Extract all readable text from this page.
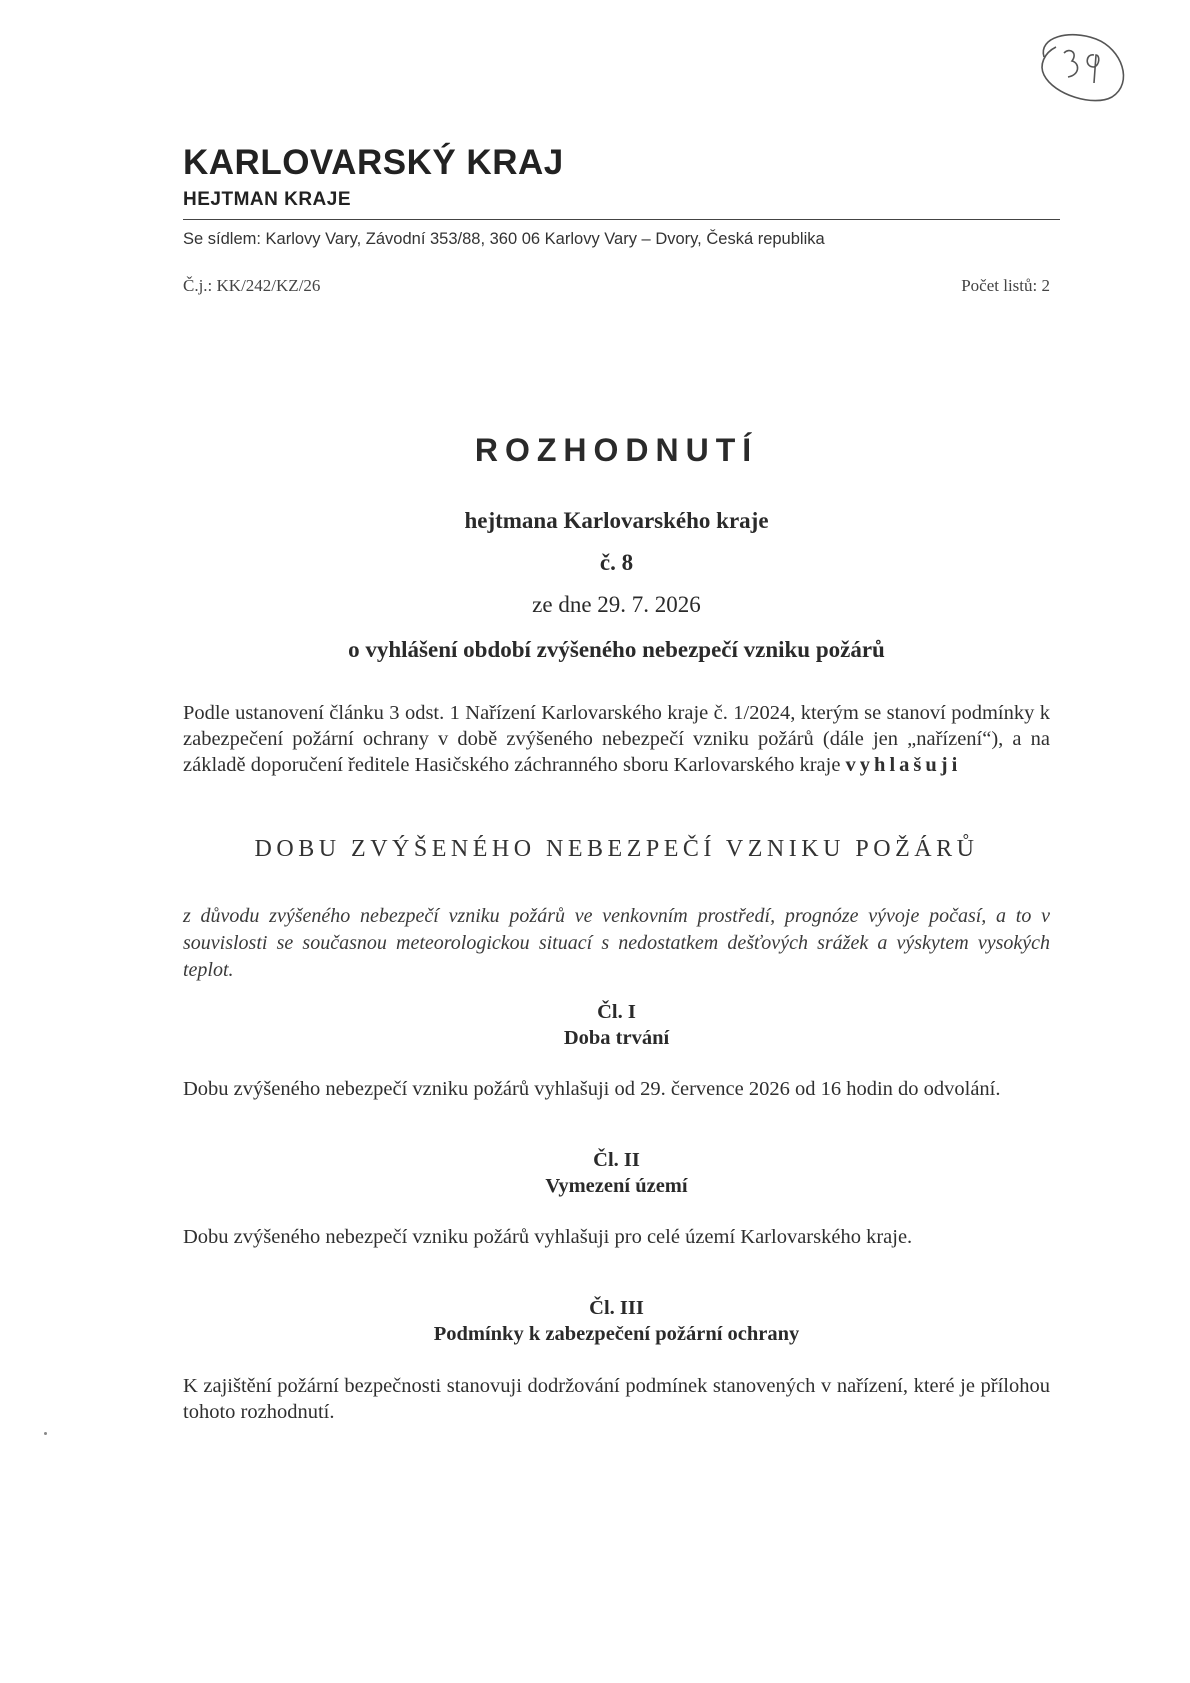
KARLOVARSKÝ KRAJ
HEJTMAN KRAJE
Se sídlem: Karlovy Vary, Závodní 353/88, 360 06 Karlovy Vary – Dvory, Česká republika
Č.j.: KK/242/KZ/26	Počet listů: 2
ROZHODNUTÍ
hejtmana Karlovarského kraje
č. 8
ze dne 29. 7. 2026
o vyhlášení období zvýšeného nebezpečí vzniku požárů
Podle ustanovení článku 3 odst. 1 Nařízení Karlovarského kraje č. 1/2024, kterým se stanoví podmínky k zabezpečení požární ochrany v době zvýšeného nebezpečí vzniku požárů (dále jen „nařízení“), a na základě doporučení ředitele Hasičského záchranného sboru Karlovarského kraje vyhlašuji
DOBU ZVÝŠENÉHO NEBEZPEČÍ VZNIKU POŽÁRŮ
z důvodu zvýšeného nebezpečí vzniku požárů ve venkovním prostředí, prognóze vývoje počasí, a to v souvislosti se současnou meteorologickou situací s nedostatkem dešťových srážek a výskytem vysokých teplot.
Čl. I
Doba trvání
Dobu zvýšeného nebezpečí vzniku požárů vyhlašuji od 29. července 2026 od 16 hodin do odvolání.
Čl. II
Vymezení území
Dobu zvýšeného nebezpečí vzniku požárů vyhlašuji pro celé území Karlovarského kraje.
Čl. III
Podmínky k zabezpečení požární ochrany
K zajištění požární bezpečnosti stanovuji dodržování podmínek stanovených v nařízení, které je přílohou tohoto rozhodnutí.
